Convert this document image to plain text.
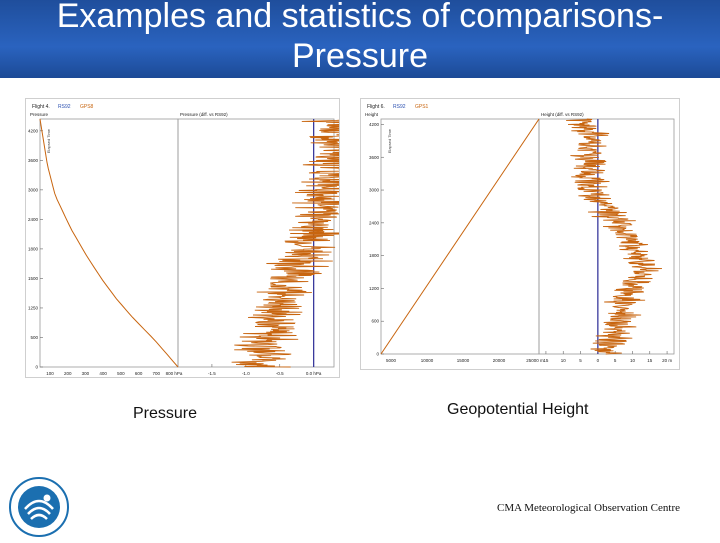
Examples and statistics of comparisons-Pressure
Flight 4. RS92 GPS8
Pressure	Pressure (diff. vs RS92)
Elapsed Time
0
500
1250
1500
1800
2400
3000
3600
4200
100 200 300 400 500 600 700 800 hPa	-1.5	-1.0	-0.5	0.0 hPa
Flight 6. RS92 GPS1
Height	Height (diff. vs RS92)
Elapsed Time
0
600
1200
1800
2400
3000
3600
4200
5000	10000	15000	20000	25000 m 15	10	5	0	5	10	15 20 m
Pressure	Geopotential Height
CMA Meteorological Observation Centre
